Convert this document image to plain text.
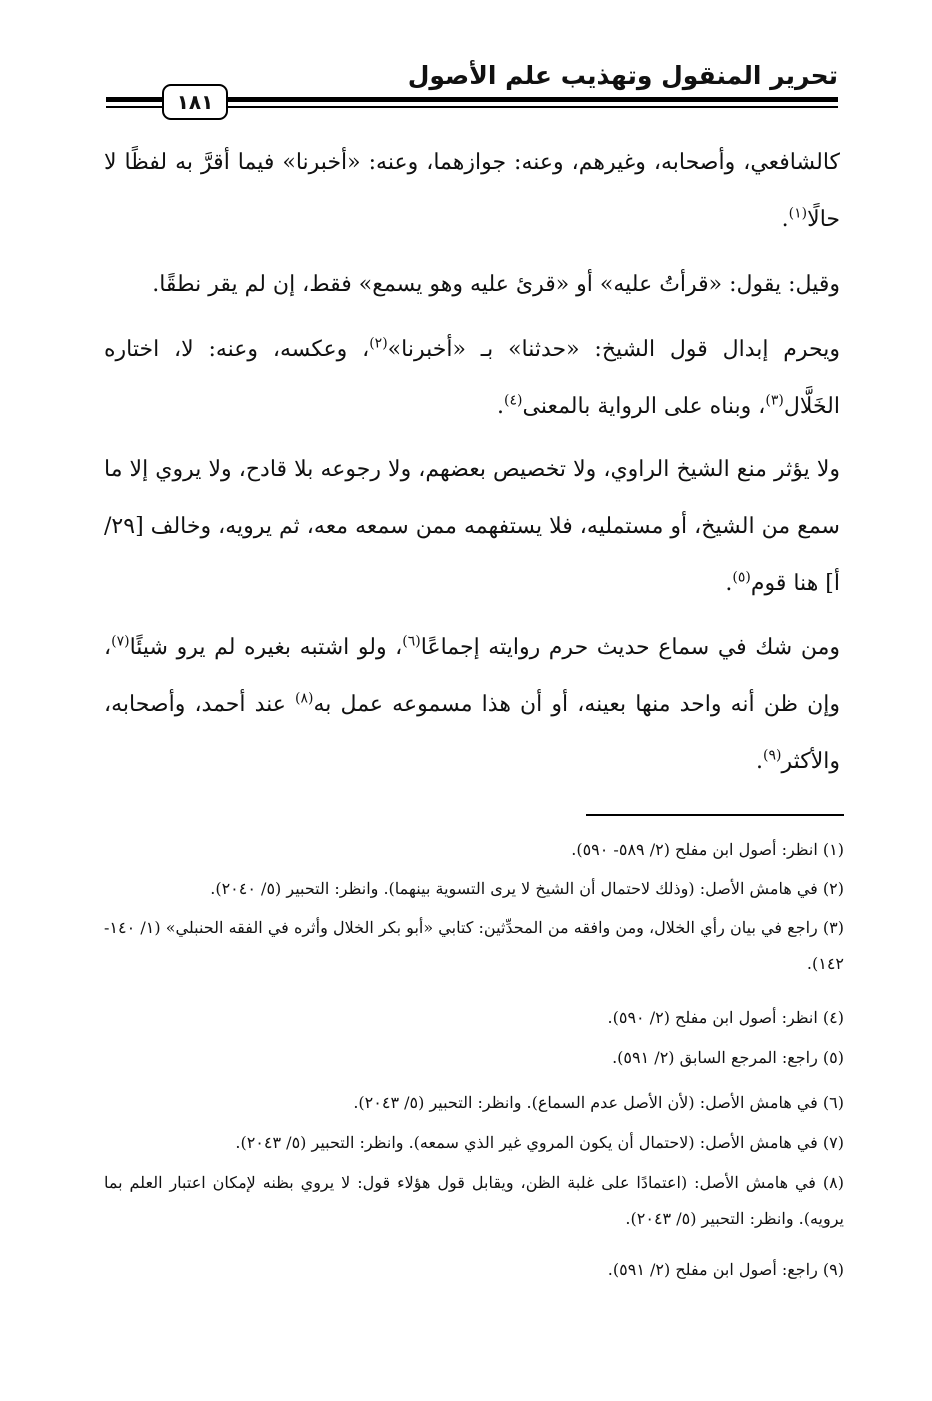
تحرير المنقول وتهذيب علم الأصول
١٨١
كالشافعي، وأصحابه، وغيرهم، وعنه: جوازهما، وعنه: «أخبرنا» فيما أقرَّ به لفظًا لا حالًا$^{(١)}$.
وقيل: يقول: «قرأتُ عليه» أو «قرئ عليه وهو يسمع» فقط، إن لم يقر نطقًا.
ويحرم إبدال قول الشيخ: «حدثنا» بـ «أخبرنا»$^{(٢)}$، وعكسه، وعنه: لا، اختاره الخَلَّال$^{(٣)}$، وبناه على الرواية بالمعنى$^{(٤)}$.
ولا يؤثر منع الشيخ الراوي، ولا تخصيص بعضهم، ولا رجوعه بلا قادح، ولا يروي إلا ما سمع من الشيخ، أو مستمليه، فلا يستفهمه ممن سمعه معه، ثم يرويه، وخالف [٢٩/ أ] هنا قوم$^{(٥)}$.
ومن شك في سماع حديث حرم روايته إجماعًا$^{(٦)}$، ولو اشتبه بغيره لم يرو شيئًا$^{(٧)}$، وإن ظن أنه واحد منها بعينه، أو أن هذا مسموعه عمل به$^{(٨)}$ عند أحمد، وأصحابه، والأكثر$^{(٩)}$.
(١) انظر: أصول ابن مفلح (٢/ ٥٨٩- ٥٩٠).
(٢) في هامش الأصل: (وذلك لاحتمال أن الشيخ لا يرى التسوية بينهما). وانظر: التحبير (٥/ ٢٠٤٠).
(٣) راجع في بيان رأي الخلال، ومن وافقه من المحدِّثين: كتابي «أبو بكر الخلال وأثره في الفقه الحنبلي» (١/ ١٤٠- ١٤٢).
(٤) انظر: أصول ابن مفلح (٢/ ٥٩٠).
(٥) راجع: المرجع السابق (٢/ ٥٩١).
(٦) في هامش الأصل: (لأن الأصل عدم السماع). وانظر: التحبير (٥/ ٢٠٤٣).
(٧) في هامش الأصل: (لاحتمال أن يكون المروي غير الذي سمعه). وانظر: التحبير (٥/ ٢٠٤٣).
(٨) في هامش الأصل: (اعتمادًا على غلبة الظن، ويقابل قول هؤلاء قول: لا يروي بظنه لإمكان اعتبار العلم بما يرويه). وانظر: التحبير (٥/ ٢٠٤٣).
(٩) راجع: أصول ابن مفلح (٢/ ٥٩١).
